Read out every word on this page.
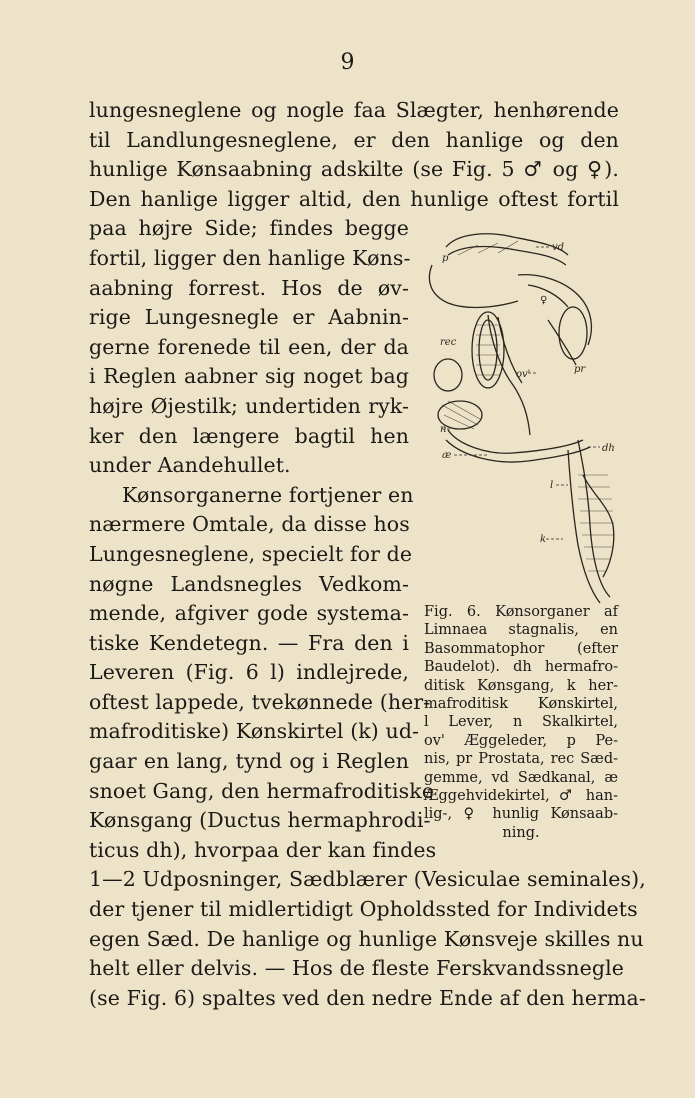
9
lungesneglene og nogle faa Slægter, henhørende
til Landlungesneglene, er den hanlige og den
hunlige Kønsaabning adskilte (se Fig. 5 ♂ og ♀).
Den hanlige ligger altid, den hunlige oftest fortil
paa højre Side; findes begge
fortil, ligger den hanlige Køns-
aabning forrest. Hos de øv-
rige Lungesnegle er Aabnin-
gerne forenede til een, der da
i Reglen aabner sig noget bag
højre Øjestilk; undertiden ryk-
ker den længere bagtil hen
under Aandehullet.
Kønsorganerne fortjener en
nærmere Omtale, da disse hos
Lungesneglene, specielt for de
nøgne Landsnegles Vedkom-
mende, afgiver gode systema-
tiske Kendetegn. — Fra den i
Leveren (Fig. 6 l) indlejrede,
oftest lappede, tvekønnede (her-
mafroditiske) Kønskirtel (k) ud-
gaar en lang, tynd og i Reglen
snoet Gang, den hermafroditiske
Kønsgang (Ductus hermaphrodi-
ticus dh), hvorpaa der kan findes
1—2 Udposninger, Sædblærer (Vesiculae seminales),
der tjener til midlertidigt Opholdssted for Individets
egen Sæd. De hanlige og hunlige Kønsveje skilles nu
helt eller delvis. — Hos de fleste Ferskvandssnegle
(se Fig. 6) spaltes ved den nedre Ende af den herma-
vd
p
♀
rec
ov'	pr
n
dh
æ
l
k
Fig. 6. Kønsorganer af
Limnaea stagnalis, en
Basommatophor (efter
Baudelot). dh hermafro-
ditisk Kønsgang, k her-
mafroditisk Kønskirtel,
l Lever, n Skalkirtel,
ov' Æggeleder, p Pe-
nis, pr Prostata, rec Sæd-
gemme, vd Sædkanal, æ
Æggehvidekirtel, ♂ han-
lig-, ♀ hunlig Kønsaab-
ning.
